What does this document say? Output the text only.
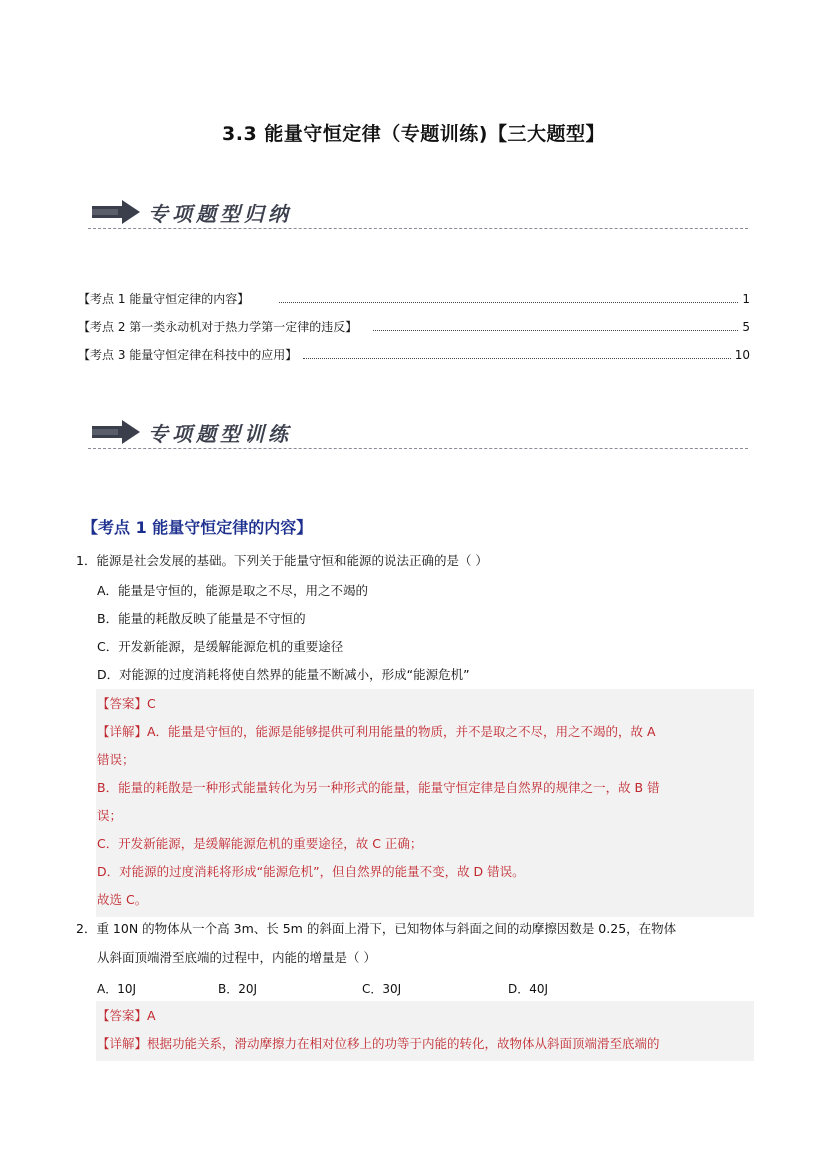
3.3 能量守恒定律（专题训练)【三大题型】
专项题型归纳
【考点 1 能量守恒定律的内容】	1
【考点 2 第一类永动机对于热力学第一定律的违反】	5
【考点 3 能量守恒定律在科技中的应用】	10
专项题型训练
【考点 1 能量守恒定律的内容】
1．能源是社会发展的基础。下列关于能量守恒和能源的说法正确的是（ ）
A．能量是守恒的，能源是取之不尽，用之不竭的
B．能量的耗散反映了能量是不守恒的
C．开发新能源，是缓解能源危机的重要途径
D．对能源的过度消耗将使自然界的能量不断减小，形成“能源危机”
【答案】C
【详解】A．能量是守恒的，能源是能够提供可利用能量的物质，并不是取之不尽，用之不竭的，故 A
错误；
B．能量的耗散是一种形式能量转化为另一种形式的能量，能量守恒定律是自然界的规律之一，故 B 错
误；
C．开发新能源，是缓解能源危机的重要途径，故 C 正确；
D．对能源的过度消耗将形成“能源危机”，但自然界的能量不变，故 D 错误。
故选 C。
2．重 10N 的物体从一个高 3m、长 5m 的斜面上滑下，已知物体与斜面之间的动摩擦因数是 0.25，在物体
从斜面顶端滑至底端的过程中，内能的增量是（ ）
A．10J	B．20J	C．30J	D．40J
【答案】A
【详解】根据功能关系，滑动摩擦力在相对位移上的功等于内能的转化，故物体从斜面顶端滑至底端的
